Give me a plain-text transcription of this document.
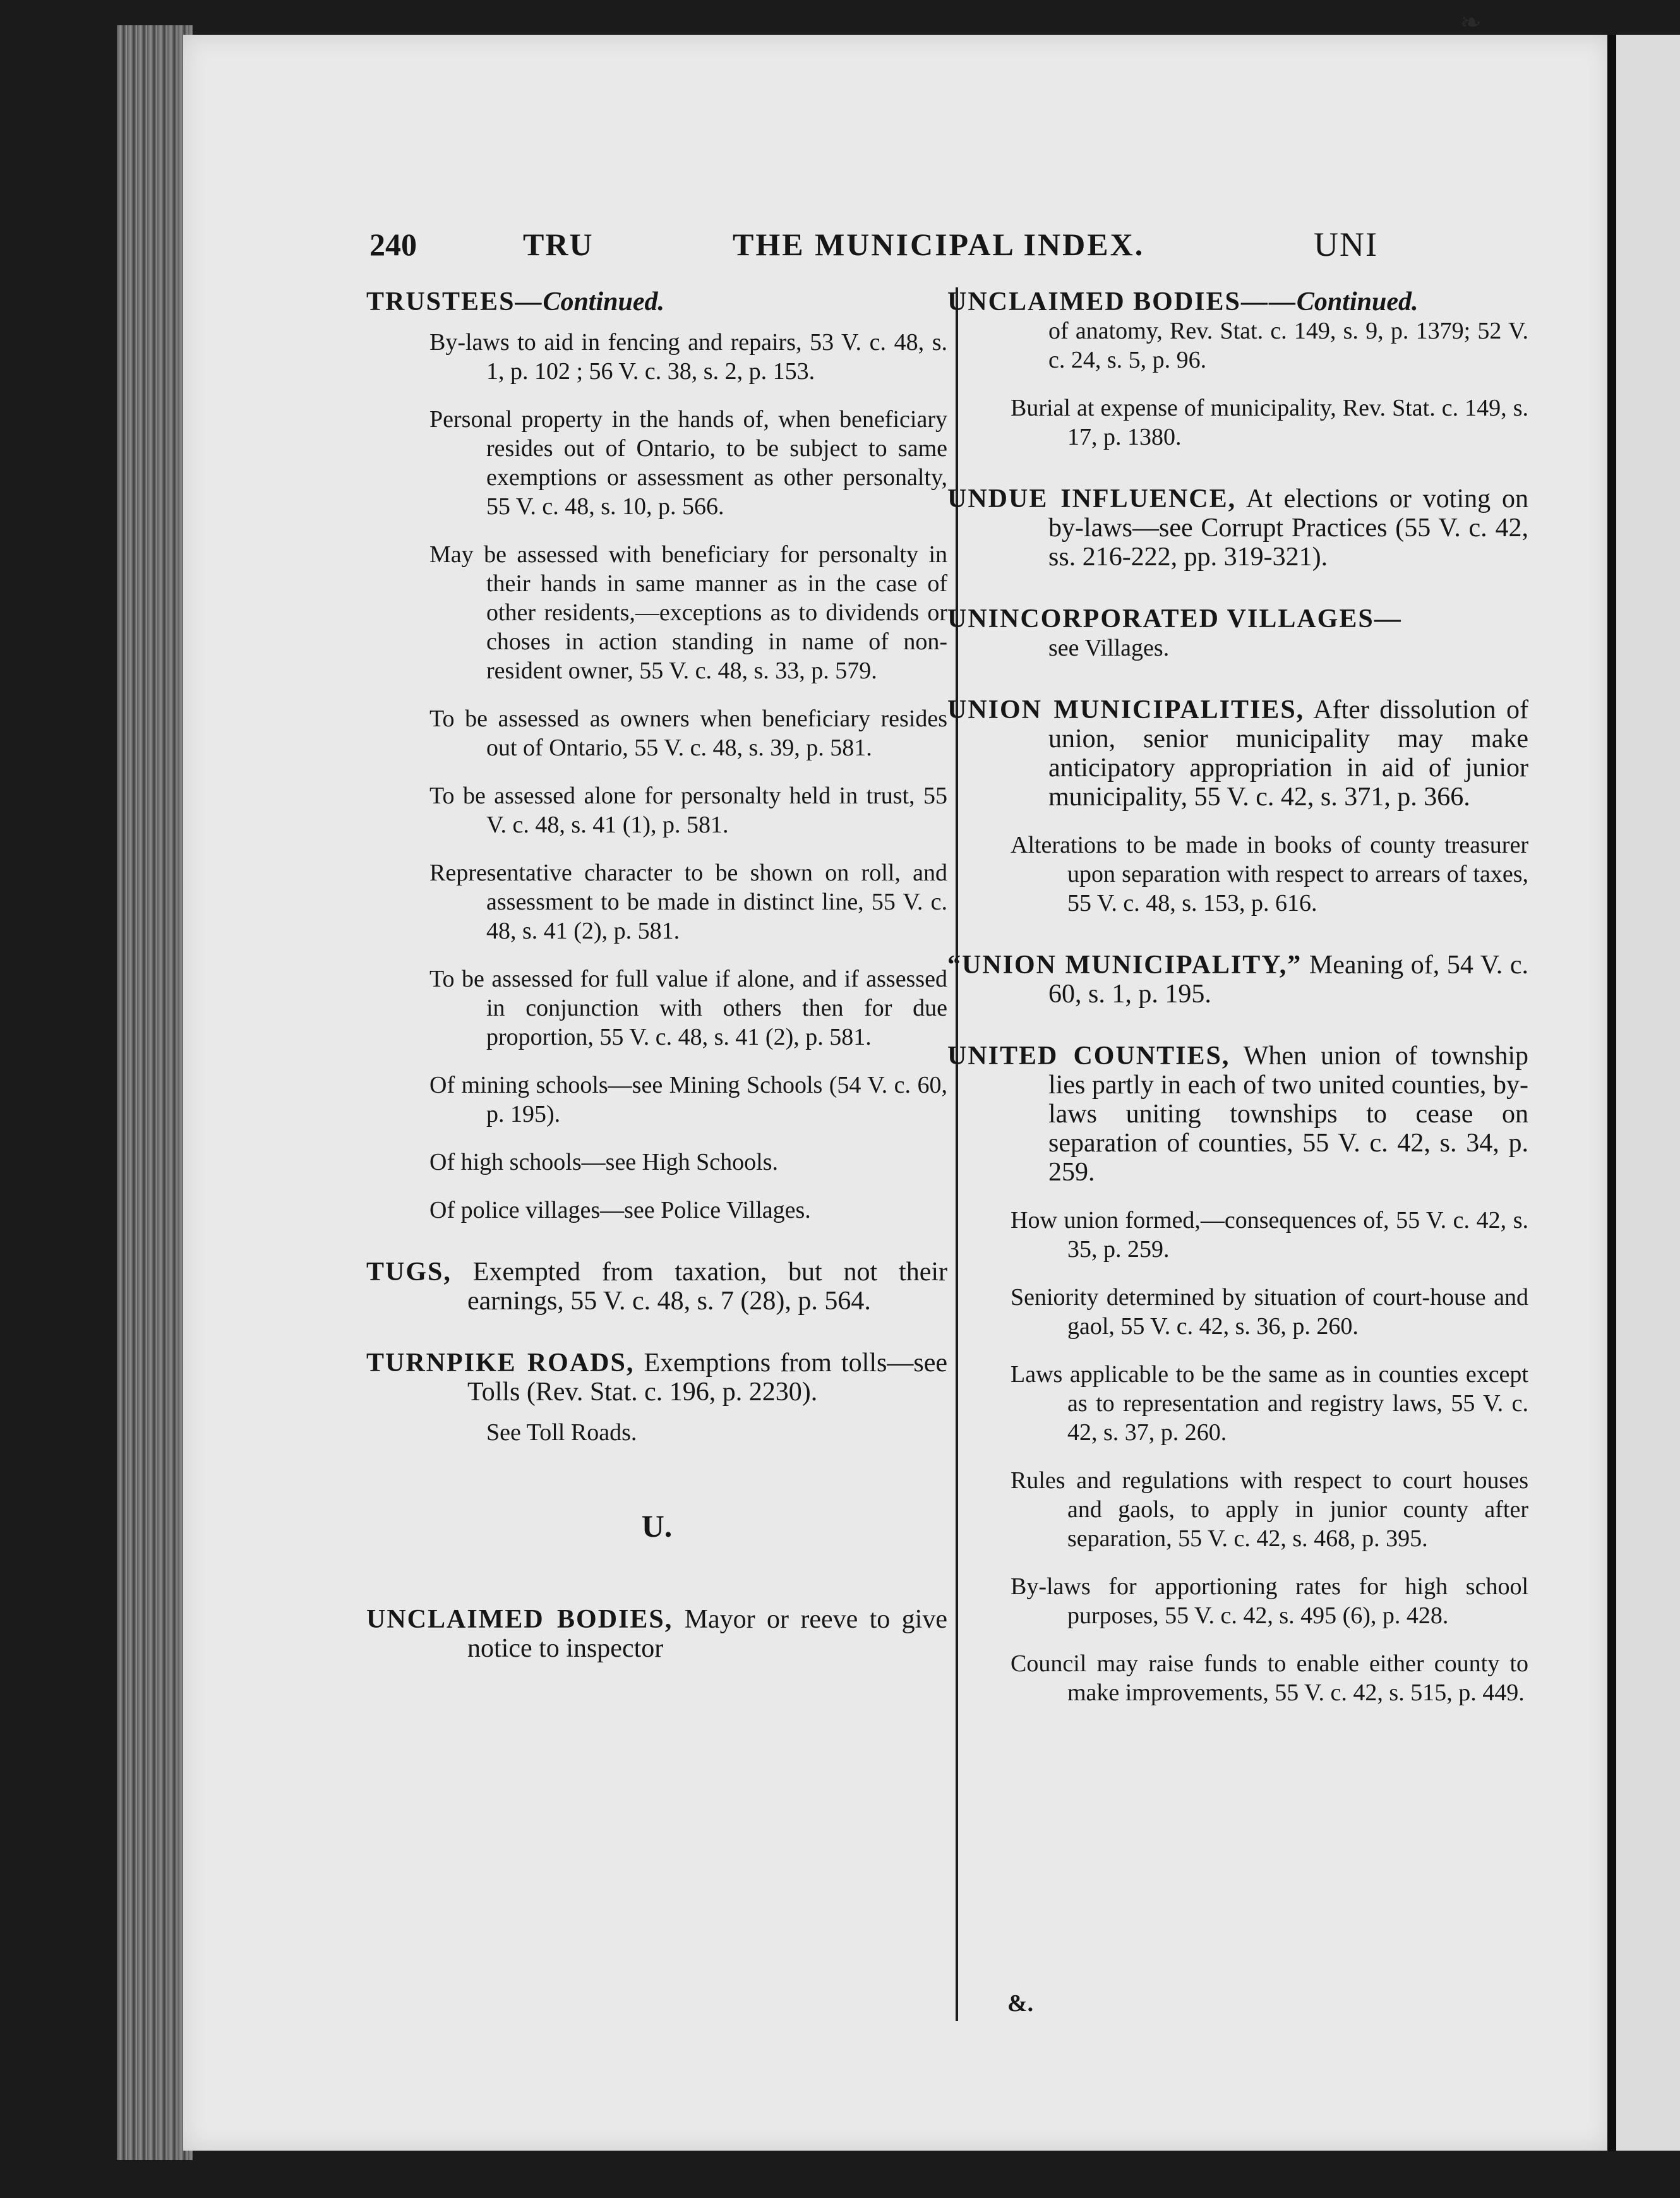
❧
240	TRU	THE MUNICIPAL INDEX.	UNI

TRUSTEES—Continued.

By-laws to aid in fencing and repairs, 53 V. c. 48, s. 1, p. 102 ; 56 V. c. 38, s. 2, p. 153.

Personal property in the hands of, when beneficiary resides out of Ontario, to be subject to same exemptions or assessment as other personalty, 55 V. c. 48, s. 10, p. 566.

May be assessed with beneficiary for personalty in their hands in same manner as in the case of other residents,—exceptions as to dividends or choses in action standing in name of non-resident owner, 55 V. c. 48, s. 33, p. 579.

To be assessed as owners when beneficiary resides out of Ontario, 55 V. c. 48, s. 39, p. 581.

To be assessed alone for personalty held in trust, 55 V. c. 48, s. 41 (1), p. 581.

Representative character to be shown on roll, and assessment to be made in distinct line, 55 V. c. 48, s. 41 (2), p. 581.

To be assessed for full value if alone, and if assessed in conjunction with others then for due proportion, 55 V. c. 48, s. 41 (2), p. 581.

Of mining schools—see Mining Schools (54 V. c. 60, p. 195).

Of high schools—see High Schools.

Of police villages—see Police Villages.

TUGS, Exempted from taxation, but not their earnings, 55 V. c. 48, s. 7 (28), p. 564.

TURNPIKE ROADS, Exemptions from tolls—see Tolls (Rev. Stat. c. 196, p. 2230).

See Toll Roads.

U.

UNCLAIMED BODIES, Mayor or reeve to give notice to inspector

UNCLAIMED BODIES——Continued.

of anatomy, Rev. Stat. c. 149, s. 9, p. 1379; 52 V. c. 24, s. 5, p. 96.

Burial at expense of municipality, Rev. Stat. c. 149, s. 17, p. 1380.

UNDUE INFLUENCE, At elections or voting on by-laws—see Corrupt Practices (55 V. c. 42, ss. 216-222, pp. 319-321).

UNINCORPORATED VILLAGES—

see Villages.

UNION MUNICIPALITIES, After dissolution of union, senior municipality may make anticipatory appropriation in aid of junior municipality, 55 V. c. 42, s. 371, p. 366.

Alterations to be made in books of county treasurer upon separation with respect to arrears of taxes, 55 V. c. 48, s. 153, p. 616.

“UNION MUNICIPALITY,” Meaning of, 54 V. c. 60, s. 1, p. 195.

UNITED COUNTIES, When union of township lies partly in each of two united counties, by-laws uniting townships to cease on separation of counties, 55 V. c. 42, s. 34, p. 259.

How union formed,—consequences of, 55 V. c. 42, s. 35, p. 259.

Seniority determined by situation of court-house and gaol, 55 V. c. 42, s. 36, p. 260.

Laws applicable to be the same as in counties except as to representation and registry laws, 55 V. c. 42, s. 37, p. 260.

Rules and regulations with respect to court houses and gaols, to apply in junior county after separation, 55 V. c. 42, s. 468, p. 395.

By-laws for apportioning rates for high school purposes, 55 V. c. 42, s. 495 (6), p. 428.

Council may raise funds to enable either county to make improvements, 55 V. c. 42, s. 515, p. 449.

&.
